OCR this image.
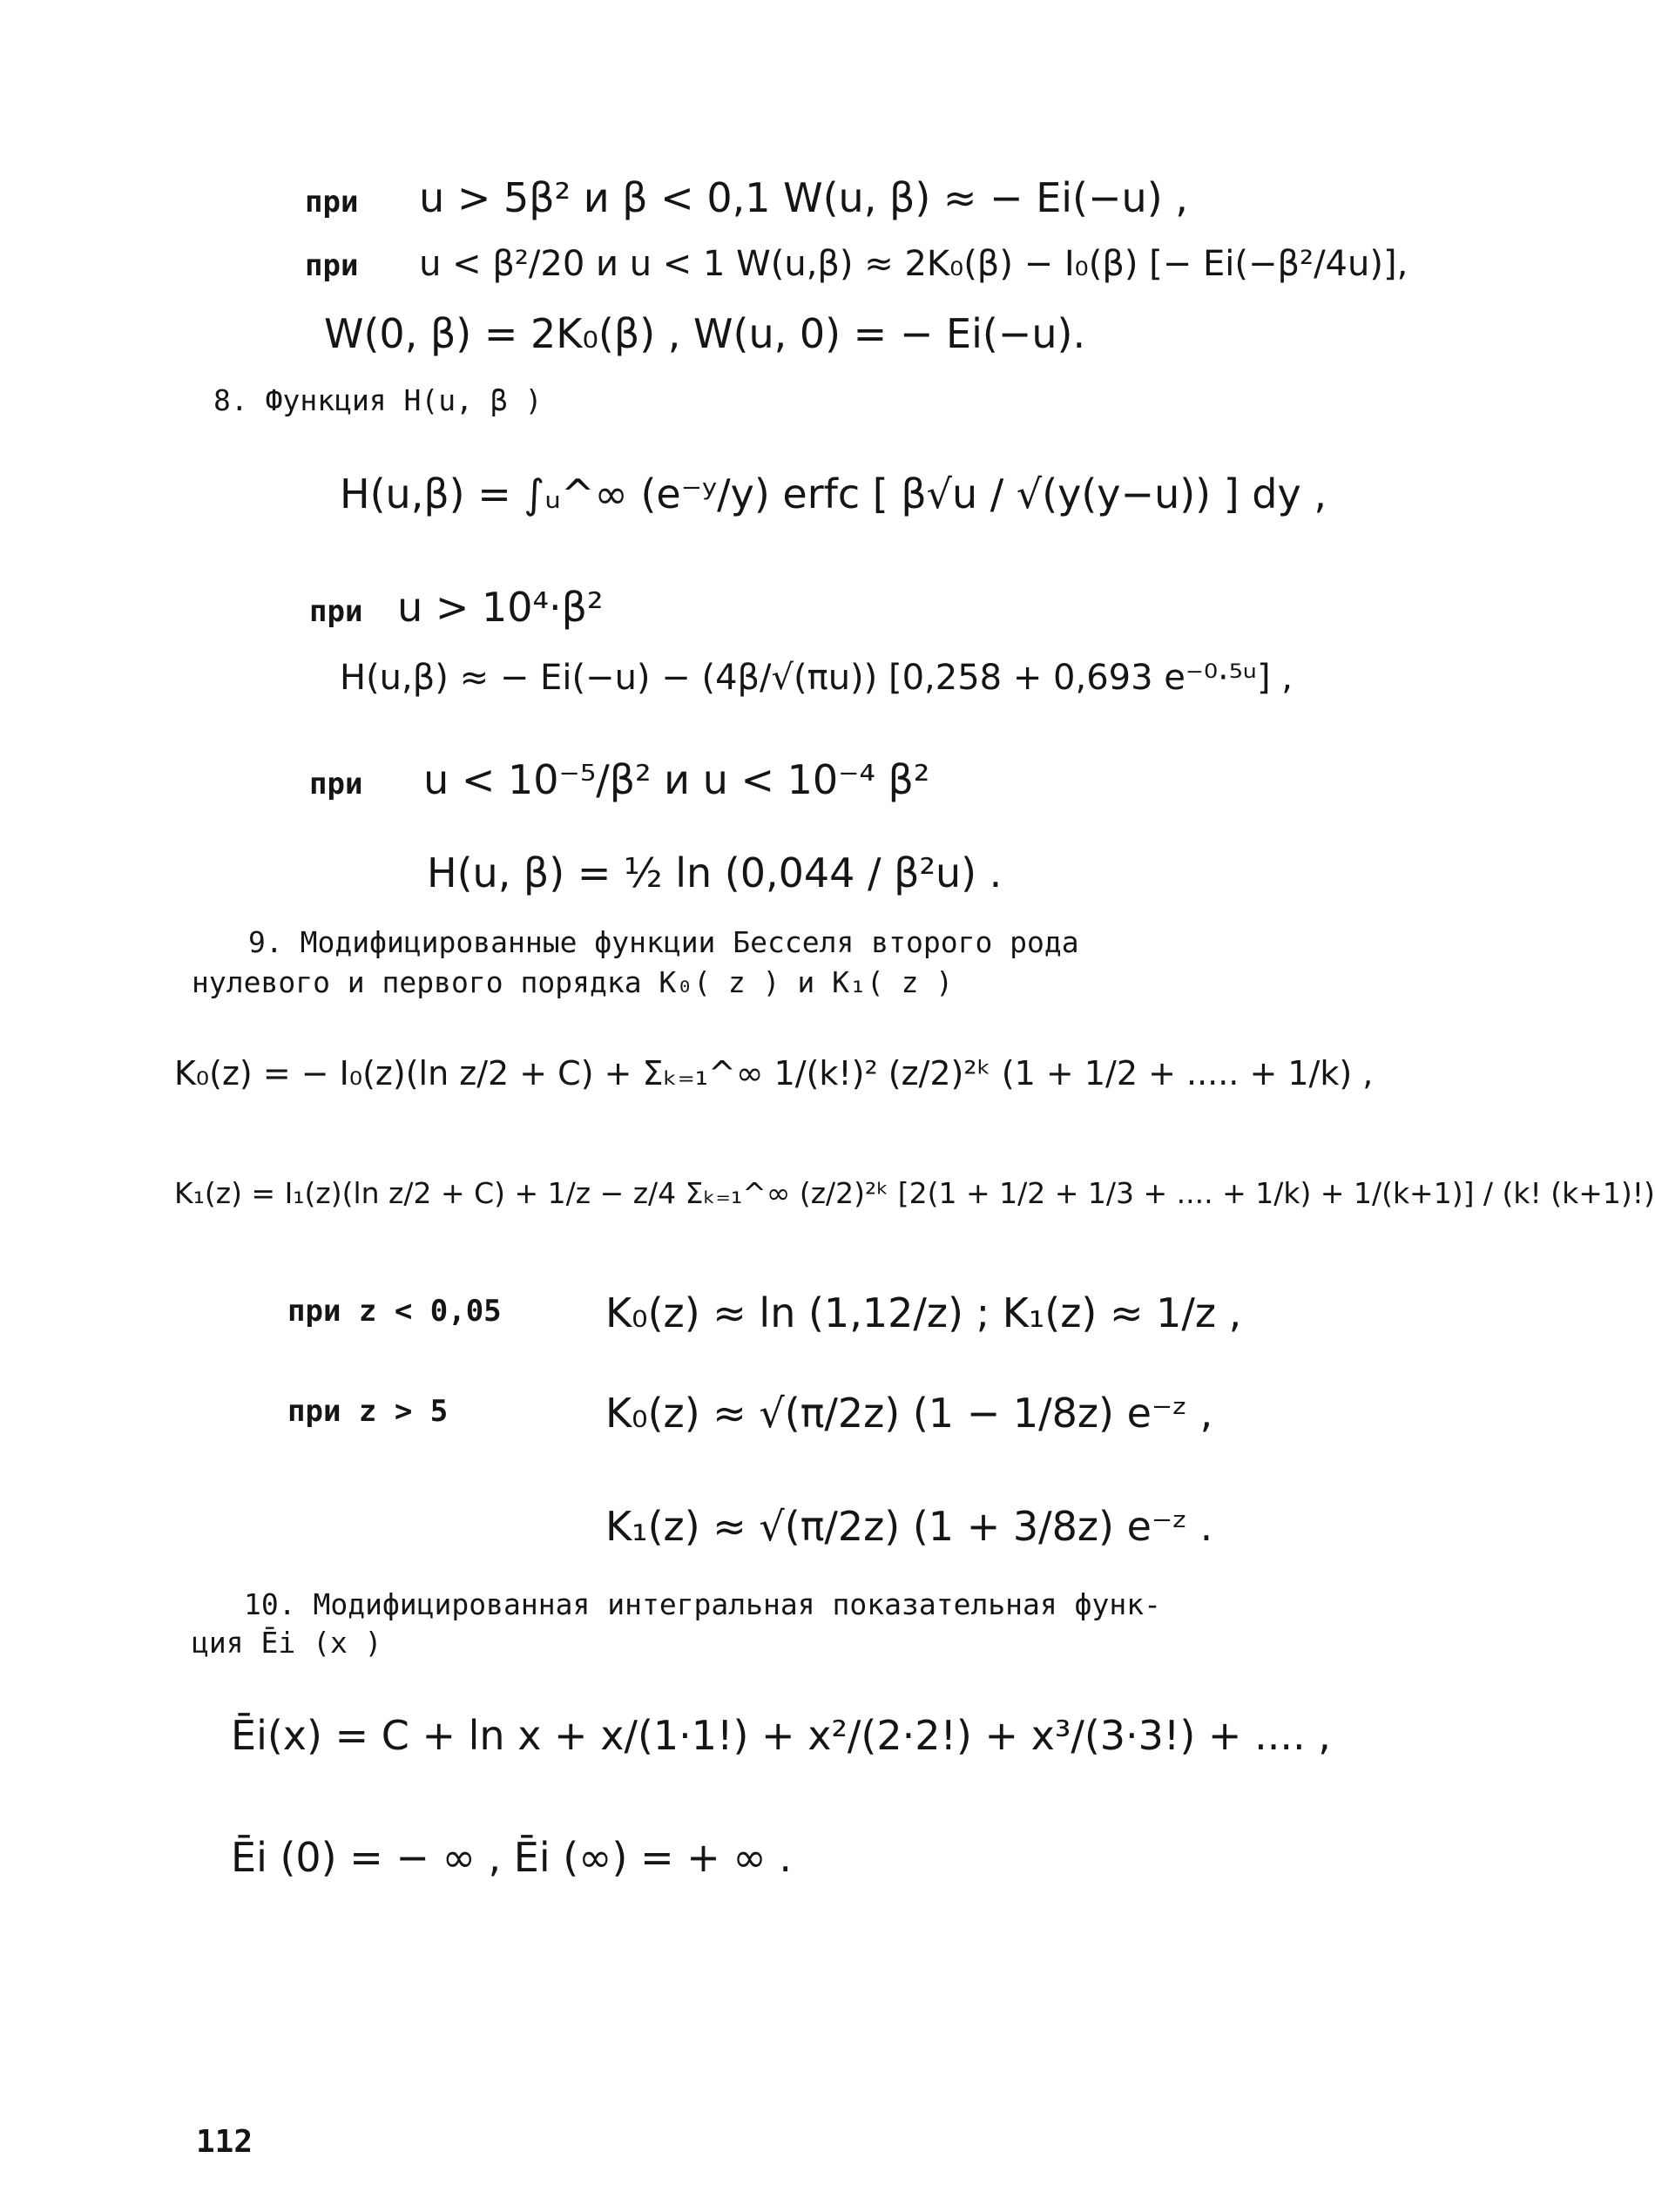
при u > 5β² и β < 0,1 W(u, β) ≈ − Ei(−u) ,
при u < β²/20 и u < 1 W(u,β) ≈ 2K₀(β) − I₀(β) [− Ei(−β²/4u)],
W(0, β) = 2K₀(β) , W(u, 0) = − Ei(−u).
8. Функция H(u, β )
H(u,β) = ∫ᵤ^∞ (e⁻ʸ/y) erfc [ β√u / √(y(y−u)) ] dy ,
при u > 10⁴·β²
H(u,β) ≈ − Ei(−u) − (4β/√(πu)) [0,258 + 0,693 e⁻⁰·⁵ᵘ] ,
при u < 10⁻⁵/β² и u < 10⁻⁴ β²
H(u, β) = ½ ln (0,044 / β²u) .
9. Модифицированные функции Бесселя второго рода
нулевого и первого порядка K₀( z ) и K₁( z )
K₀(z) = − I₀(z)(ln z/2 + C) + Σₖ₌₁^∞ 1/(k!)² (z/2)²ᵏ (1 + 1/2 + ..... + 1/k) ,
K₁(z) = I₁(z)(ln z/2 + C) + 1/z − z/4 Σₖ₌₁^∞ (z/2)²ᵏ [2(1 + 1/2 + 1/3 + .... + 1/k) + 1/(k+1)] / (k! (k+1)!)
при z < 0,05	K₀(z) ≈ ln (1,12/z) ; K₁(z) ≈ 1/z ,
при z > 5	K₀(z) ≈ √(π/2z) (1 − 1/8z) e⁻ᶻ ,
K₁(z) ≈ √(π/2z) (1 + 3/8z) e⁻ᶻ .
10. Модифицированная интегральная показательная функ-
ция Ēi (x )
Ēi(x) = C + ln x + x/(1·1!) + x²/(2·2!) + x³/(3·3!) + .... ,
Ēi (0) = − ∞ , Ēi (∞) = + ∞ .
112
